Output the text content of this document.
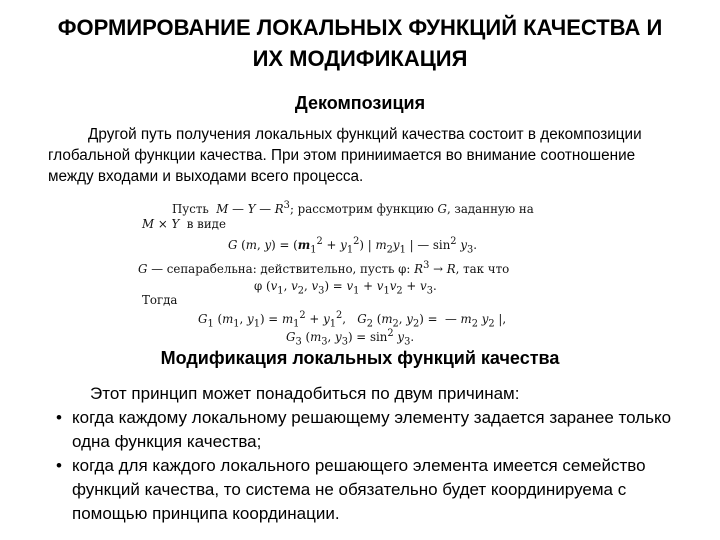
ФОРМИРОВАНИЕ ЛОКАЛЬНЫХ ФУНКЦИЙ КАЧЕСТВА И
ИХ МОДИФИКАЦИЯ
Декомпозиция
Другой путь получения локальных функций качества состоит в декомпозиции глобальной функции качества. При этом приниимается во внимание соотношение между входами и выходами всего процесса.
Пусть M — Y — $R^3$; рассмотрим функцию G, заданную на
M × Y в виде
G (m, $y) = (m_1^2 + y_1^2)$ | $m_2y_1$ | — $\sin^2 y_3$.
G — сепарабельна: действительно, пусть φ: $R^3 \to R$, так что
φ ($v_1$, $v_2$, $v_3) = v_1 + v_1v_2 + v_3$.
Тогда
$G_1$ ($m_1$, $y_1) = m_1^2 + y_1^2$,   $G_2$ ($m_2$, $y_2$) =  — $m_2$ $y_2$ |,
$G_3$ ($m_3$, $y_3) = \sin^2 y_3$.
Модификация локальных функций качества
Этот принцип может понадобиться по двум причинам:
• когда каждому локальному решающему элементу задается заранее только одна функция качества;
• когда для каждого локального решающего элемента имеется семейство функций качества, то система не обязательно будет координируема с помощью принципа координации.
